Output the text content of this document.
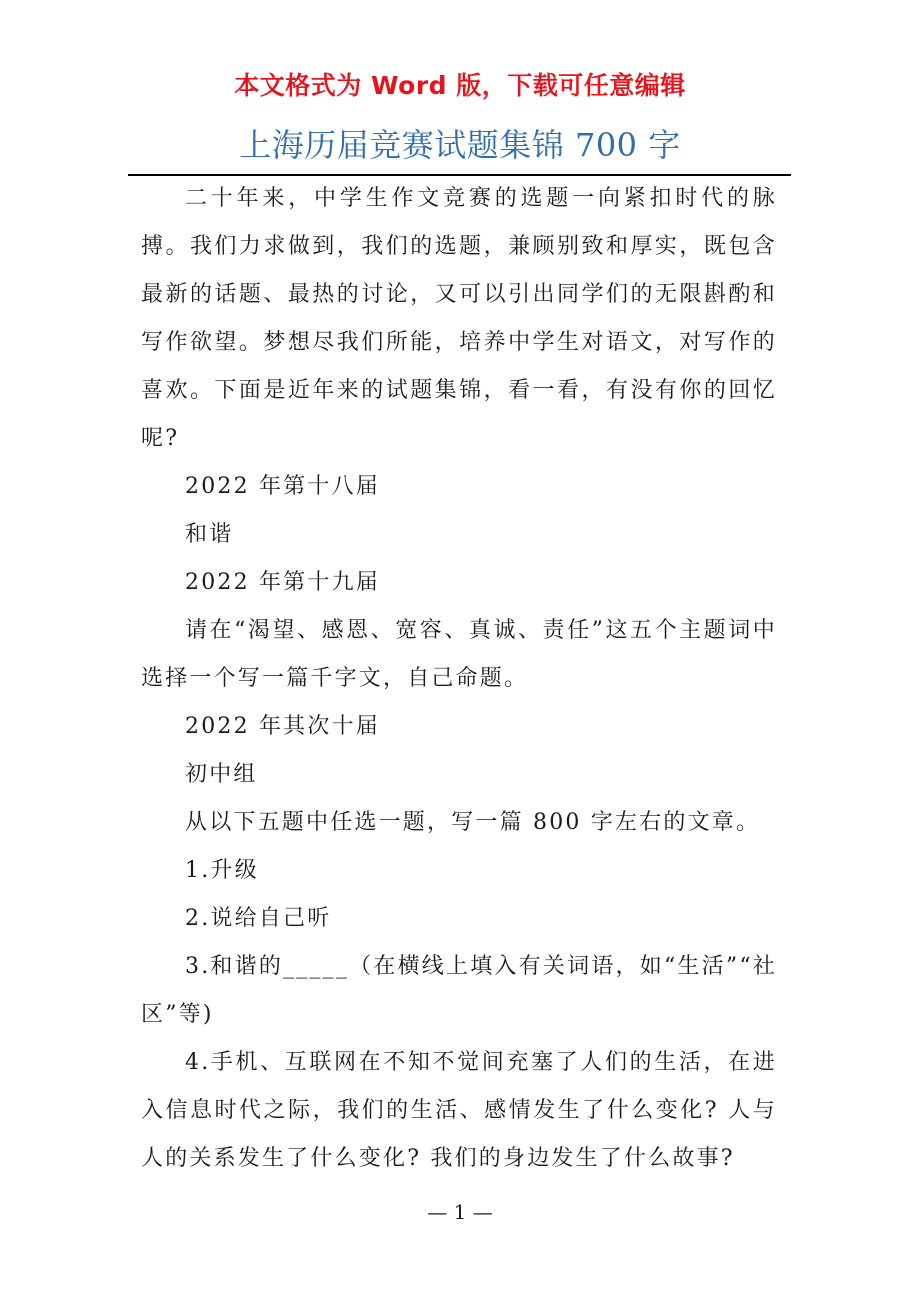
本文格式为 Word 版，下载可任意编辑
上海历届竞赛试题集锦 700 字

二十年来，中学生作文竞赛的选题一向紧扣时代的脉搏。我们力求做到，我们的选题，兼顾别致和厚实，既包含最新的话题、最热的讨论，又可以引出同学们的无限斟酌和写作欲望。梦想尽我们所能，培养中学生对语文，对写作的喜欢。下面是近年来的试题集锦，看一看，有没有你的回忆呢?

2022 年第十八届

和谐

2022 年第十九届

请在“渴望、感恩、宽容、真诚、责任”这五个主题词中选择一个写一篇千字文，自己命题。

2022 年其次十届

初中组

从以下五题中任选一题，写一篇 800 字左右的文章。

1.升级

2.说给自己听

3.和谐的_____（在横线上填入有关词语，如“生活”“社区”等)

4.手机、互联网在不知不觉间充塞了人们的生活，在进入信息时代之际，我们的生活、感情发生了什么变化? 人与人的关系发生了什么变化? 我们的身边发生了什么故事?

— 1 —
